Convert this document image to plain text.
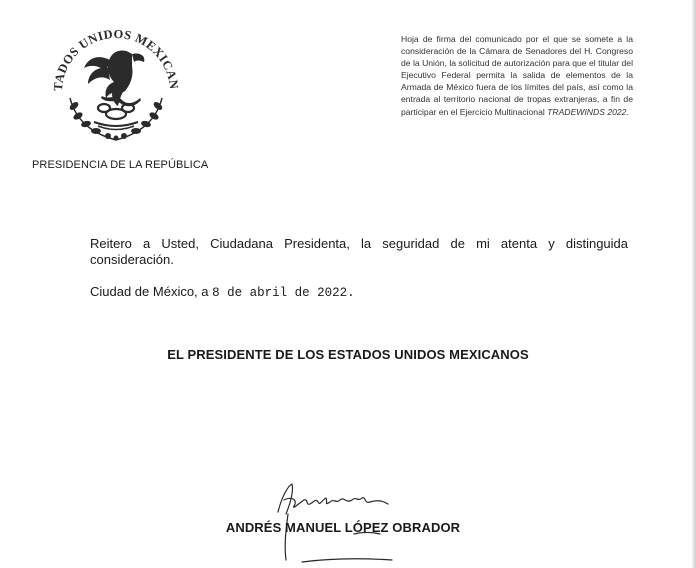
TADOS UNIDOS MEXICAN
PRESIDENCIA DE LA REPÚBLICA
Hoja de firma del comunicado por el que se somete a la consideración de la Cámara de Senadores del H. Congreso de la Unión, la solicitud de autorización para que el titular del Ejecutivo Federal permita la salida de elementos de la Armada de México fuera de los límites del país, así como la entrada al territorio nacional de tropas extranjeras, a fin de participar en el Ejercicio Multinacional TRADEWINDS 2022.
Reitero a Usted, Ciudadana Presidenta, la seguridad de mi atenta y distinguida consideración.
Ciudad de México, a 8 de abril de 2022.
EL PRESIDENTE DE LOS ESTADOS UNIDOS MEXICANOS
ANDRÉS MANUEL LÓPEZ OBRADOR
